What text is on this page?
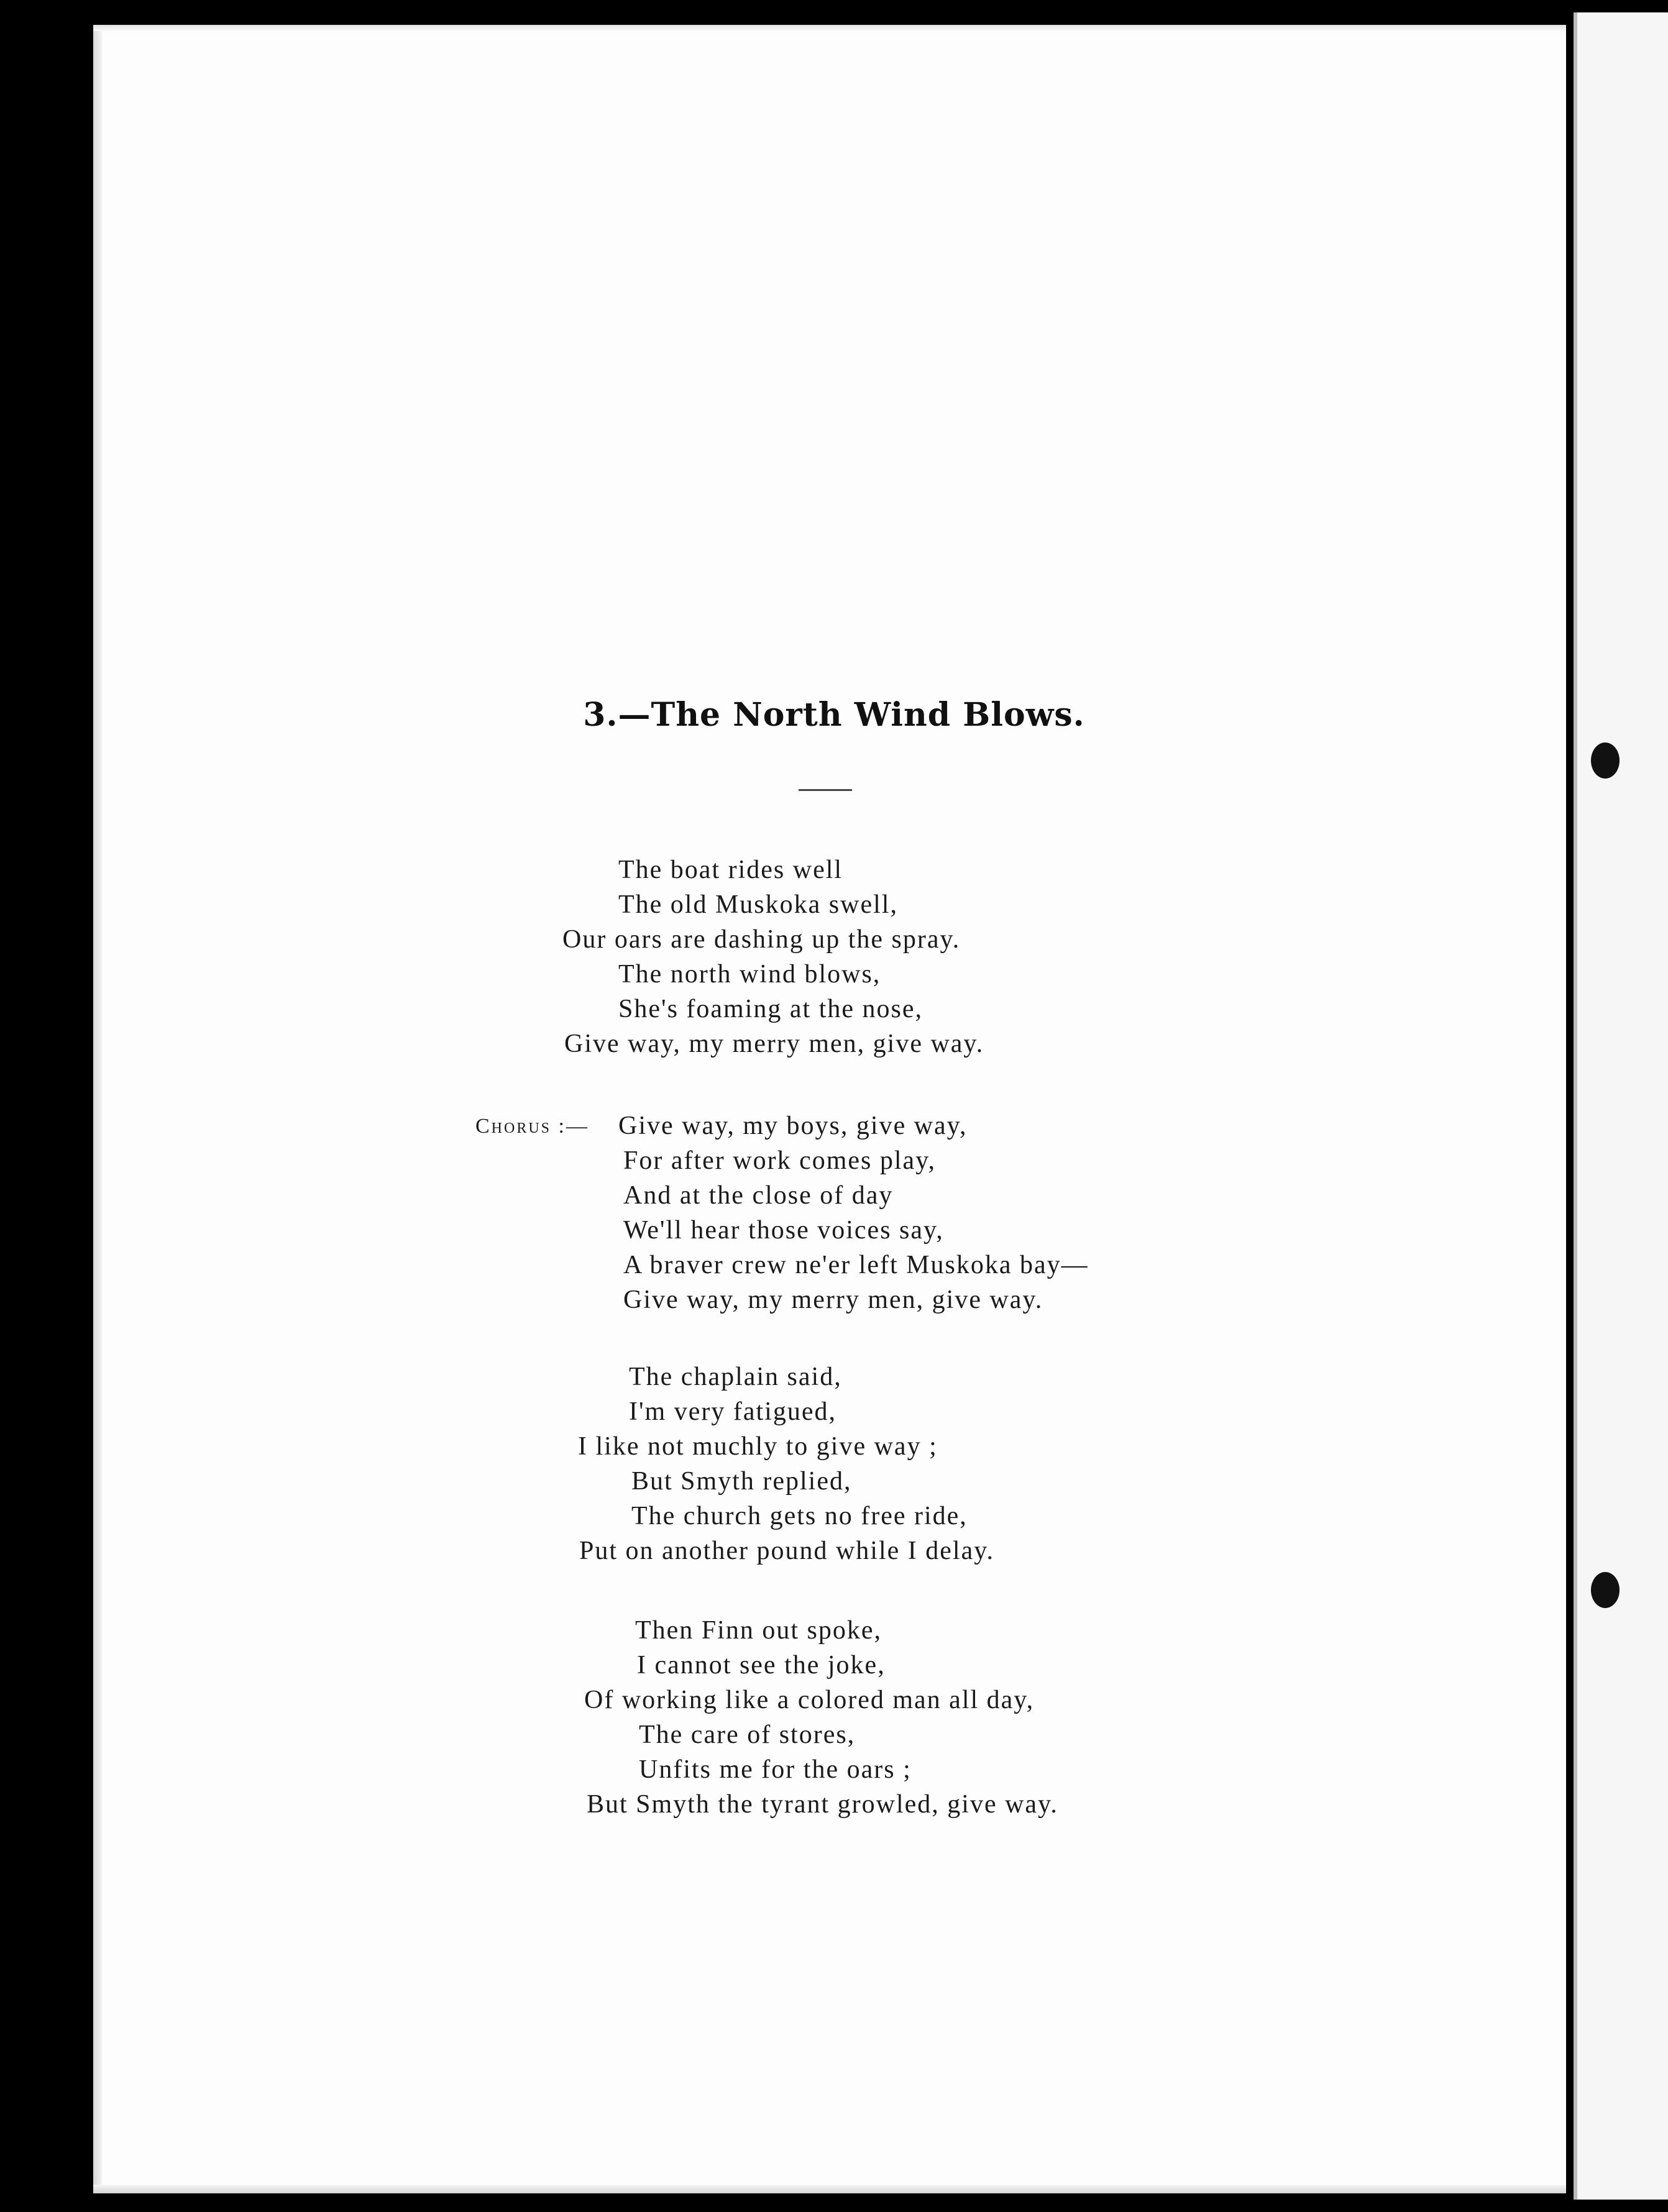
3.—The North Wind Blows.
The boat rides well
The old Muskoka swell,
Our oars are dashing up the spray.
The north wind blows,
She's foaming at the nose,
Give way, my merry men, give way.
Chorus :— Give way, my boys, give way,
For after work comes play,
And at the close of day
We'll hear those voices say,
A braver crew ne'er left Muskoka bay—
Give way, my merry men, give way.
The chaplain said,
I'm very fatigued,
I like not muchly to give way ;
But Smyth replied,
The church gets no free ride,
Put on another pound while I delay.
Then Finn out spoke,
I cannot see the joke,
Of working like a colored man all day,
The care of stores,
Unfits me for the oars ;
But Smyth the tyrant growled, give way.
